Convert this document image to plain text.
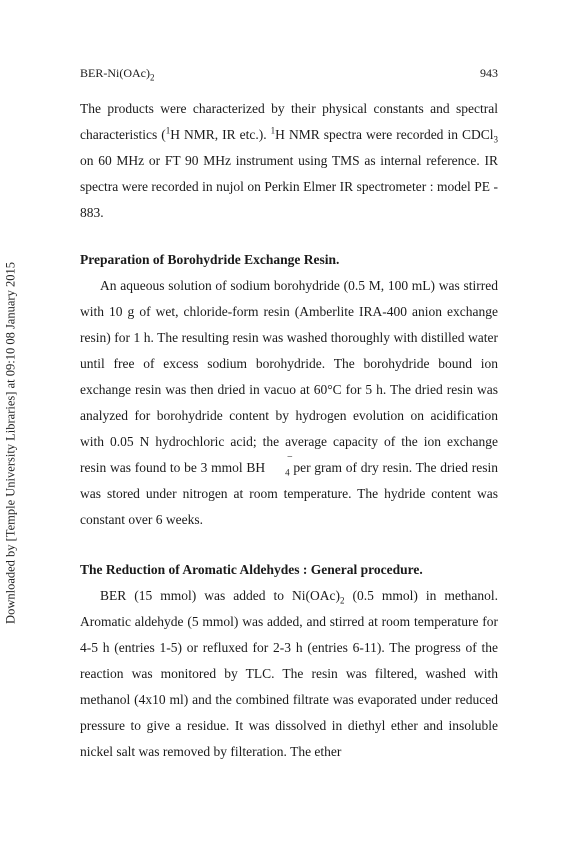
BER-$Ni(OAc)_2$	943
Downloaded by [Temple University Libraries] at 09:10 08 January 2015

The products were characterized by their physical constants and spectral characteristics ($^1$H NMR, IR etc.). $^1$H NMR spectra were recorded in CDCl$_3$ on 60 MHz or FT 90 MHz instrument using TMS as internal reference. IR spectra were recorded in nujol on Perkin Elmer IR spectrometer : model PE - 883.

Preparation of Borohydride Exchange Resin.

An aqueous solution of sodium borohydride (0.5 M, 100 mL) was stirred with 10 g of wet, chloride-form resin (Amberlite IRA-400 anion exchange resin) for 1 h. The resulting resin was washed thoroughly with distilled water until free of excess sodium borohydride. The borohydride bound ion exchange resin was then dried in vacuo at 60°C for 5 h. The dried resin was analyzed for borohydride content by hydrogen evolution on acidification with 0.05 N hydrochloric acid; the average capacity of the ion exchange resin was found to be 3 mmol BH $_4$
−
per gram of dry resin. The dried resin was stored under nitrogen at room temperature. The hydride content was constant over 6 weeks.

The Reduction of Aromatic Aldehydes : General procedure.

BER (15 mmol) was added to $Ni(OAc)_2$ (0.5 mmol) in methanol. Aromatic aldehyde (5 mmol) was added, and stirred at room temperature for 4-5 h (entries 1-5) or refluxed for 2-3 h (entries 6-11). The progress of the reaction was monitored by TLC. The resin was filtered, washed with methanol (4x10 ml) and the combined filtrate was evaporated under reduced pressure to give a residue. It was dissolved in diethyl ether and insoluble nickel salt was removed by filteration. The ether
